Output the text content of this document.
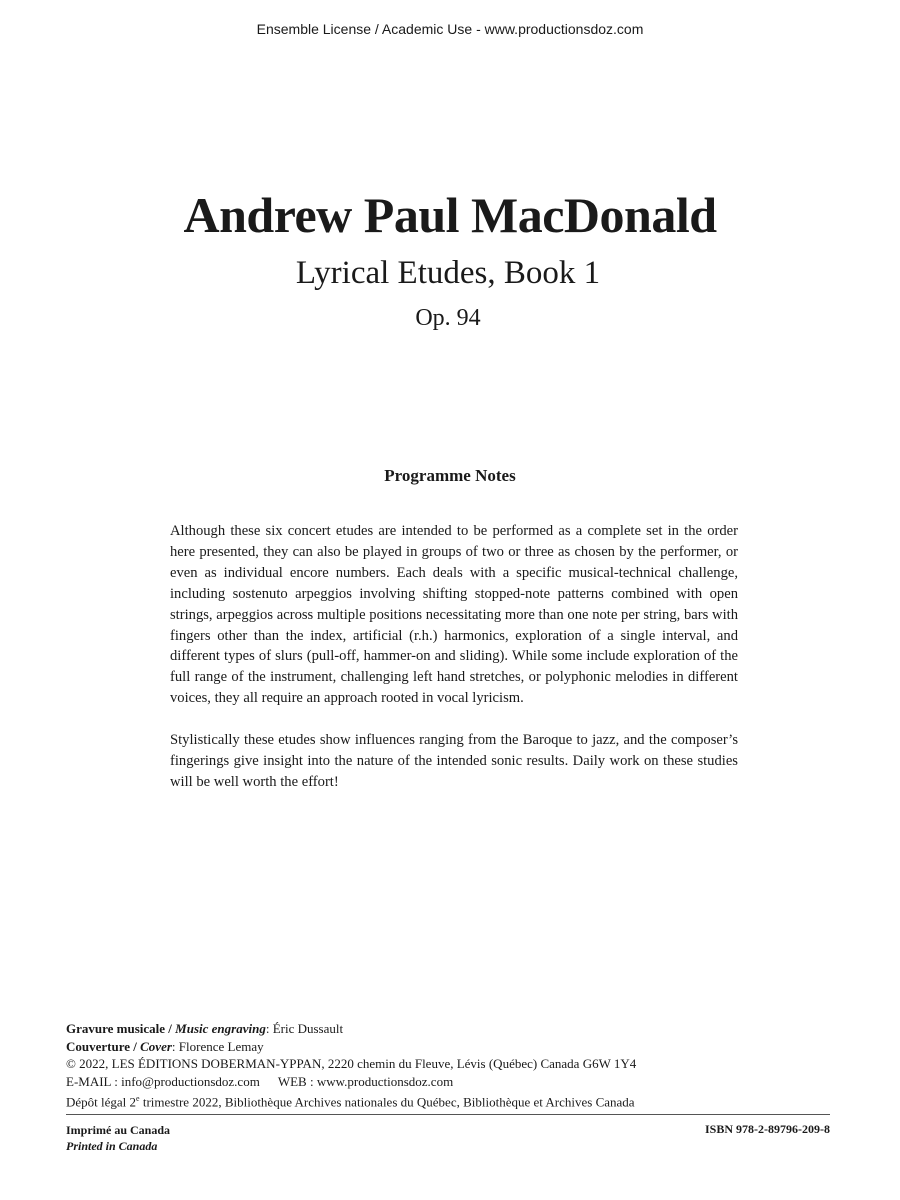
Ensemble License / Academic Use - www.productionsdoz.com
Andrew Paul MacDonald
Lyrical Etudes, Book 1
Op. 94
Programme Notes

Although these six concert etudes are intended to be performed as a complete set in the order here presented, they can also be played in groups of two or three as chosen by the performer, or even as individual encore numbers. Each deals with a specific musical-technical challenge, including sostenuto arpeggios involving shifting stopped-note patterns combined with open strings, arpeggios across multiple positions necessitating more than one note per string, bars with fingers other than the index, artificial (r.h.) harmonics, exploration of a single interval, and different types of slurs (pull-off, hammer-on and sliding). While some include exploration of the full range of the instrument, challenging left hand stretches, or polyphonic melodies in different voices, they all require an approach rooted in vocal lyricism.

Stylistically these etudes show influences ranging from the Baroque to jazz, and the composer’s fingerings give insight into the nature of the intended sonic results. Daily work on these studies will be well worth the effort!

Gravure musicale / Music engraving: Éric Dussault
Couverture / Cover: Florence Lemay
© 2022, LES ÉDITIONS DOBERMAN-YPPAN, 2220 chemin du Fleuve, Lévis (Québec) Canada G6W 1Y4
E-MAIL : info@productionsdoz.com WEB : www.productionsdoz.com
Dépôt légal 2e trimestre 2022, Bibliothèque Archives nationales du Québec, Bibliothèque et Archives Canada
Imprimé au Canada
Printed in Canada
ISBN 978-2-89796-209-8
